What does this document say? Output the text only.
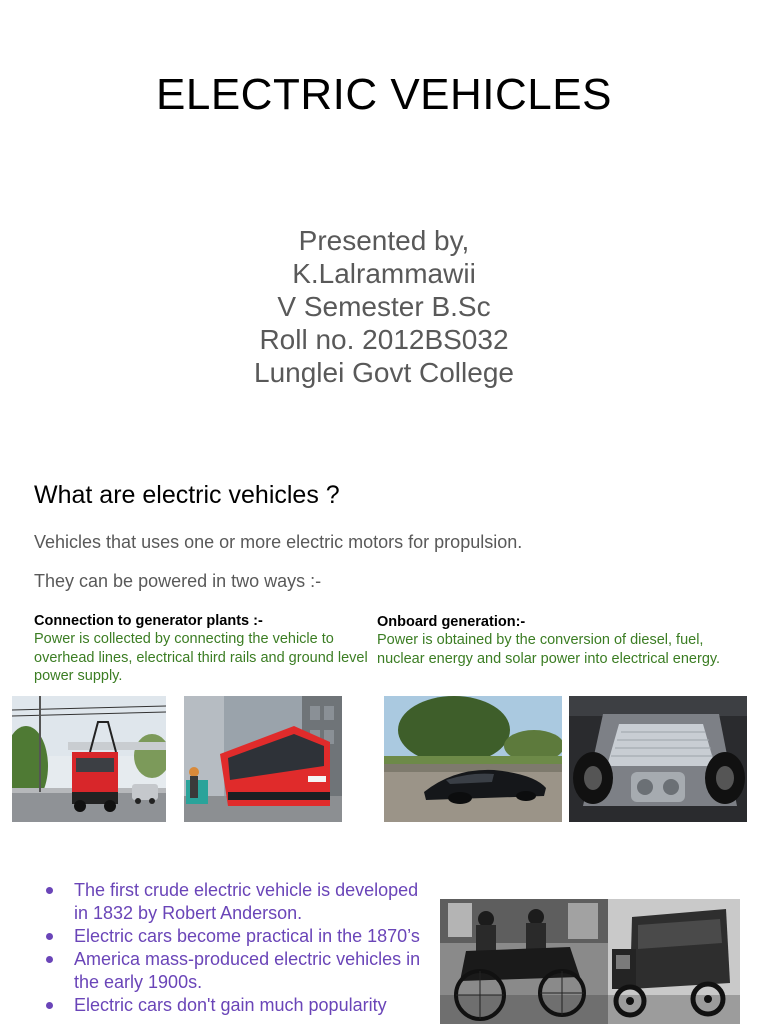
ELECTRIC VEHICLES
Presented by,
K.Lalrammawii
V Semester B.Sc
Roll no. 2012BS032
Lunglei Govt College
What are electric vehicles ?
Vehicles that uses one or more electric motors for propulsion.
They can be powered in two ways :-
Connection to generator plants :-
Power is collected by connecting the vehicle to overhead lines, electrical third rails and ground level power supply.
Onboard generation:-
Power is obtained by the conversion of diesel, fuel, nuclear energy and solar power into electrical energy.
The first crude electric vehicle is developed in 1832 by Robert Anderson.
Electric cars become practical in the 1870’s
America mass-produced electric vehicles in the early 1900s.
Electric cars don't gain much popularity
